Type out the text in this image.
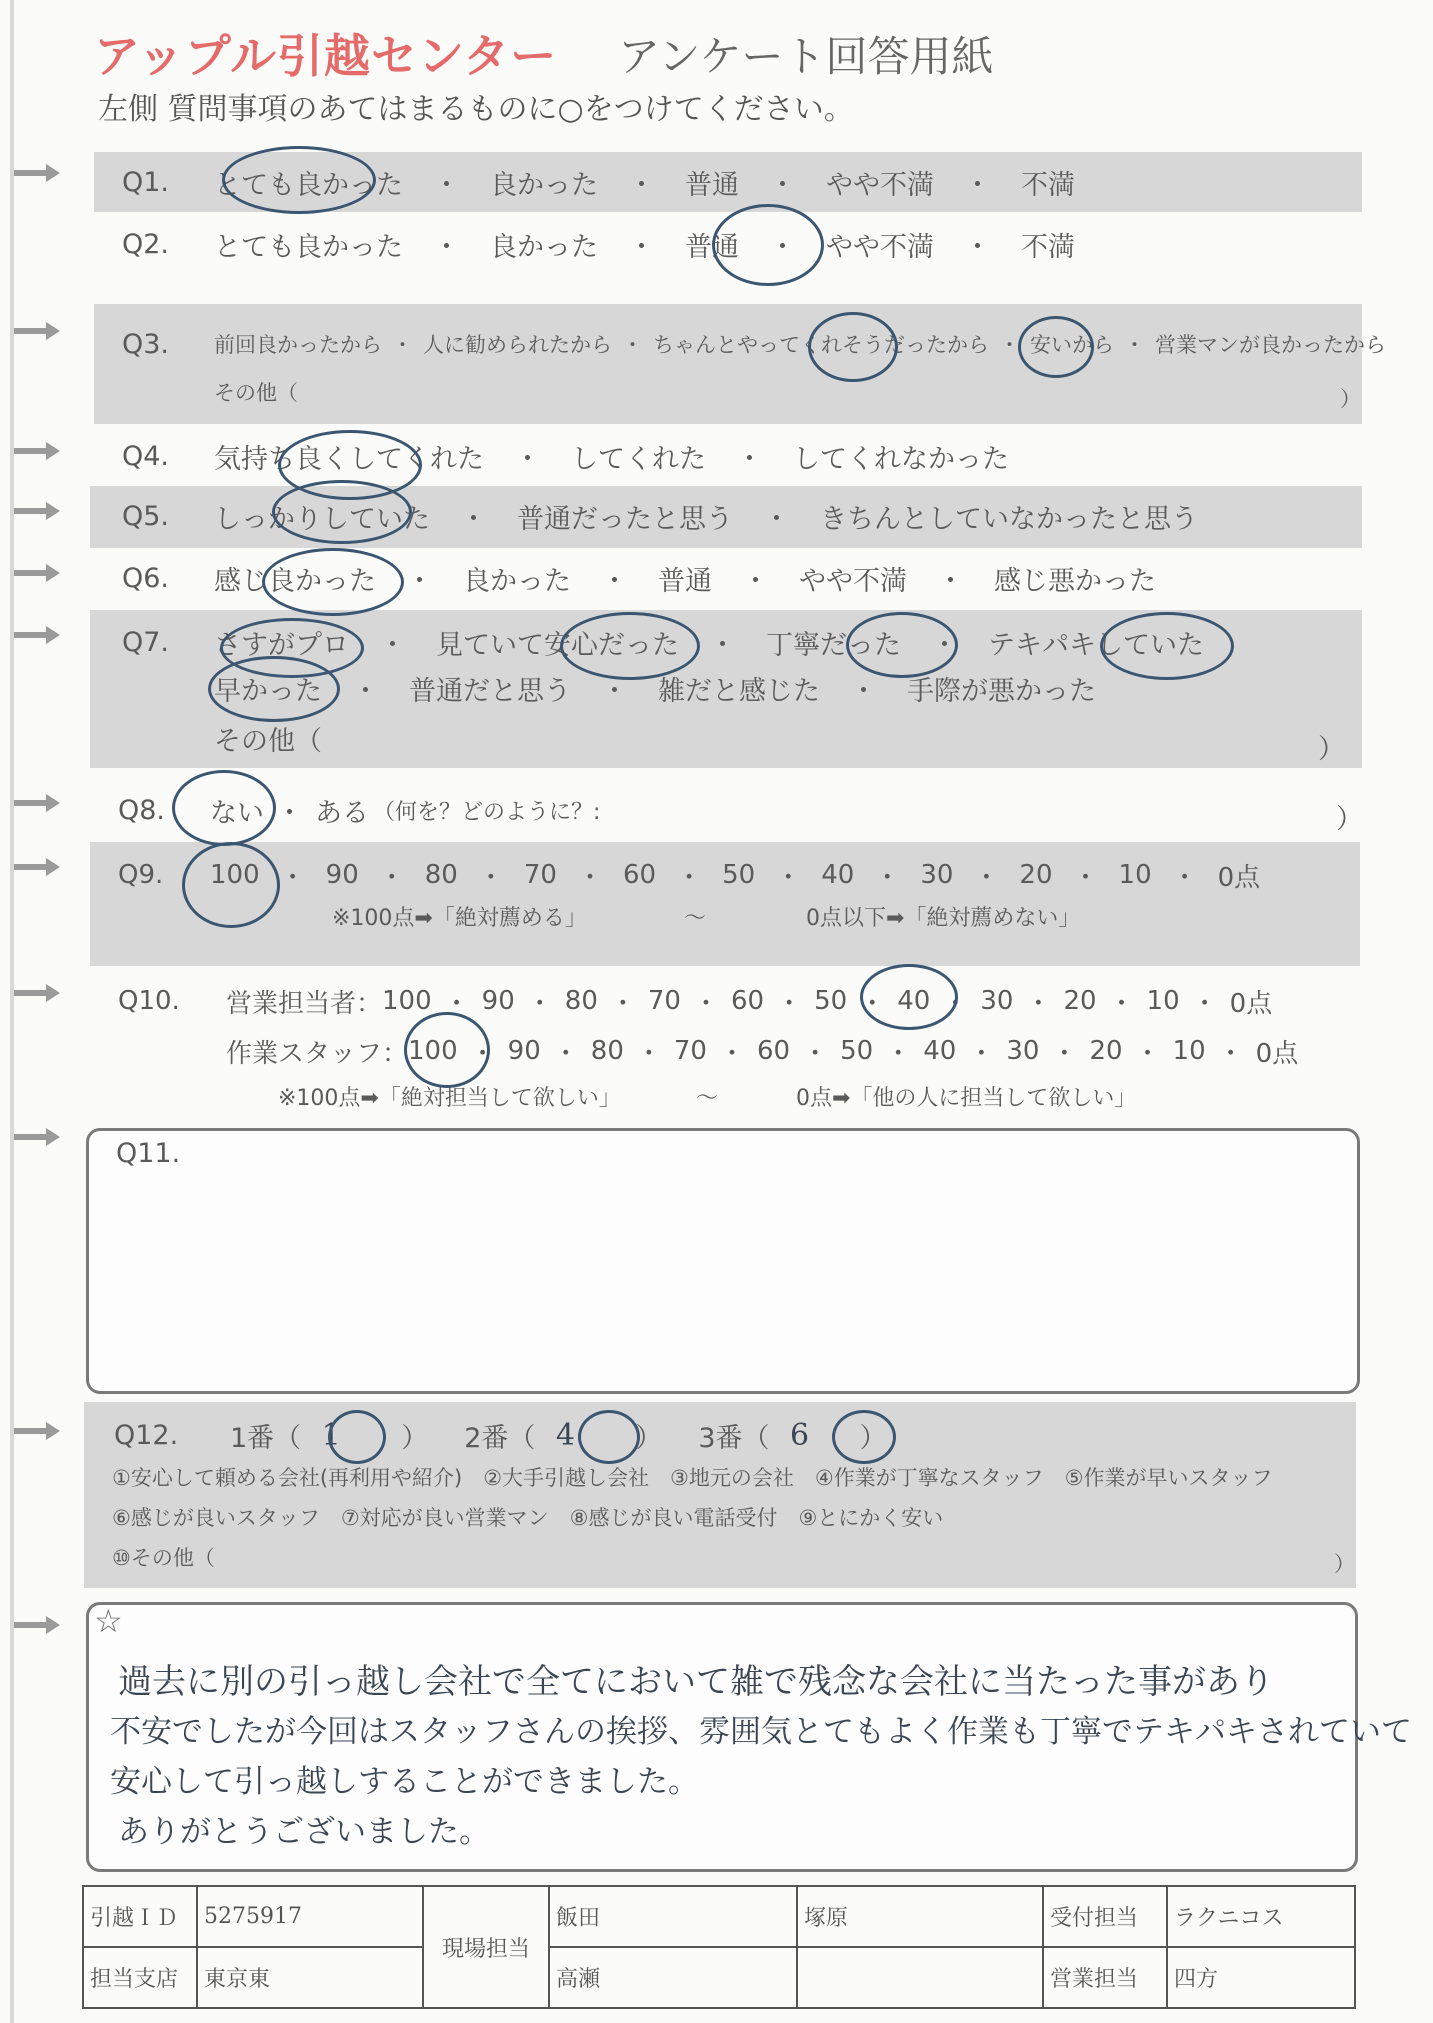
アップル引越センター アンケート回答用紙
左側 質問事項のあてはまるものに○をつけてください。
Q1.	とても良かった ・ 良かった ・ 普通 ・ やや不満 ・ 不満
Q2.	とても良かった ・ 良かった ・ 普通 ・ やや不満 ・ 不満
Q3.	前回良かったから ・ 人に勧められたから ・ ちゃんとやってくれそうだったから ・ 安いから ・ 営業マンが良かったから
その他（	）
Q4.	気持ち良くしてくれた ・ してくれた ・ してくれなかった
Q5.	しっかりしていた ・ 普通だったと思う ・ きちんとしていなかったと思う
Q6.	感じ良かった ・ 良かった ・ 普通 ・ やや不満 ・ 感じ悪かった
Q7.	さすがプロ ・ 見ていて安心だった ・ 丁寧だった ・ テキパキしていた
早かった ・ 普通だと思う ・ 雑だと感じた ・ 手際が悪かった
その他（	）
Q8.	ない ・ ある （何を？どのように？:	）
Q9.	100 ・ 90 ・ 80 ・ 70 ・ 60 ・ 50 ・ 40 ・ 30 ・ 20 ・ 10 ・ 0点
※100点➡「絶対薦める」	〜	0点以下➡「絶対薦めない」
Q10.	営業担当者： 100 ・ 90 ・ 80 ・ 70 ・ 60 ・ 50 ・ 40 ・ 30 ・ 20 ・ 10 ・ 0点
作業スタッフ： 100 ・ 90 ・ 80 ・ 70 ・ 60 ・ 50 ・ 40 ・ 30 ・ 20 ・ 10 ・ 0点
※100点➡「絶対担当して欲しい」	〜	0点➡「他の人に担当して欲しい」
Q11.
Q12.	1番（ 1	） 2番（ 4	） 3番（ 6	）
①安心して頼める会社(再利用や紹介)　②大手引越し会社　③地元の会社　④作業が丁寧なスタッフ　⑤作業が早いスタッフ
⑥感じが良いスタッフ　⑦対応が良い営業マン　⑧感じが良い電話受付　⑨とにかく安い
⑩その他（	）
☆
過去に別の引っ越し会社で全てにおいて雑で残念な会社に当たった事があり
不安でしたが今回はスタッフさんの挨拶、雰囲気とてもよく作業も丁寧でテキパキされていて
安心して引っ越しすることができました。
ありがとうございました。
引越ＩＤ	5275917	現場担当	飯田	塚原	受付担当	ラクニコス
担当支店	東京東		高瀬		営業担当	四方
